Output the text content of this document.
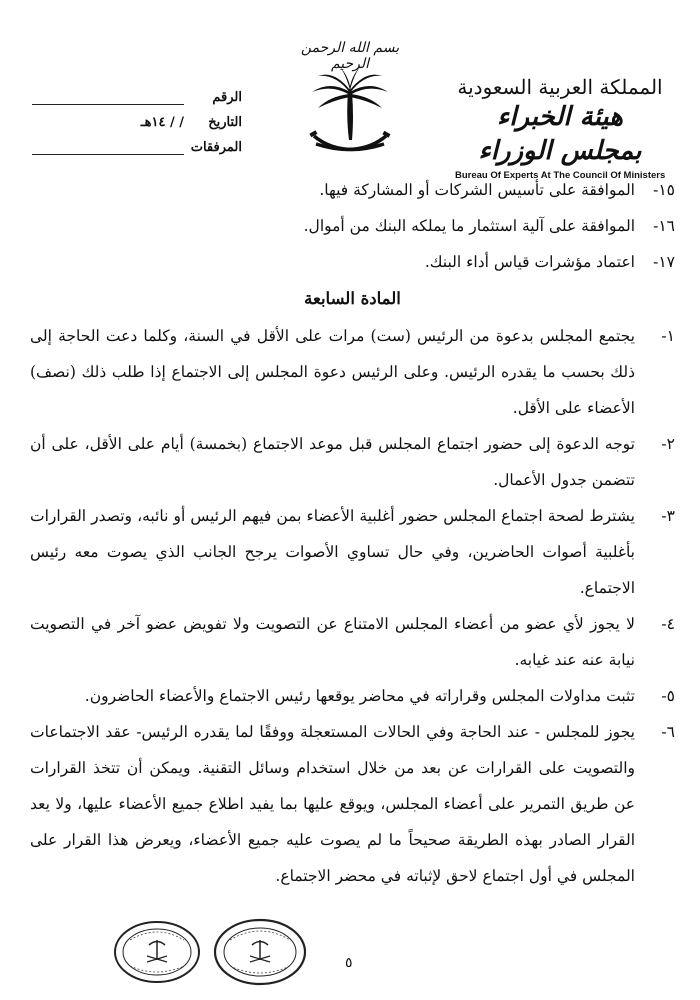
بسم الله الرحمن الرحيم
المملكة العربية السعودية
هيئة الخبراء بمجلس الوزراء
Bureau Of Experts At The Council Of Ministers
الرقم
التاريخ
/ / ١٤هـ
المرفقات
١٥-
الموافقة على تأسيس الشركات أو المشاركة فيها.
١٦-
الموافقة على آلية استثمار ما يملكه البنك من أموال.
١٧-
اعتماد مؤشرات قياس أداء البنك.
المادة السابعة
١-
يجتمع المجلس بدعوة من الرئيس (ست) مرات على الأقل في السنة، وكلما دعت الحاجة إلى ذلك بحسب ما يقدره الرئيس. وعلى الرئيس دعوة المجلس إلى الاجتماع إذا طلب ذلك (نصف) الأعضاء على الأقل.
٢-
توجه الدعوة إلى حضور اجتماع المجلس قبل موعد الاجتماع (بخمسة) أيام على الأقل، على أن تتضمن جدول الأعمال.
٣-
يشترط لصحة اجتماع المجلس حضور أغلبية الأعضاء بمن فيهم الرئيس أو نائبه، وتصدر القرارات بأغلبية أصوات الحاضرين، وفي حال تساوي الأصوات يرجح الجانب الذي يصوت معه رئيس الاجتماع.
٤-
لا يجوز لأي عضو من أعضاء المجلس الامتناع عن التصويت ولا تفويض عضو آخر في التصويت نيابة عنه عند غيابه.
٥-
تثبت مداولات المجلس وقراراته في محاضر يوقعها رئيس الاجتماع والأعضاء الحاضرون.
٦-
يجوز للمجلس - عند الحاجة وفي الحالات المستعجلة ووفقًا لما يقدره الرئيس- عقد الاجتماعات والتصويت على القرارات عن بعد من خلال استخدام وسائل التقنية. ويمكن أن تتخذ القرارات عن طريق التمرير على أعضاء المجلس، ويوقع عليها بما يفيد اطلاع جميع الأعضاء عليها، ولا يعد القرار الصادر بهذه الطريقة صحيحاً ما لم يصوت عليه جميع الأعضاء، ويعرض هذا القرار على المجلس في أول اجتماع لاحق لإثباته في محضر الاجتماع.
٥
